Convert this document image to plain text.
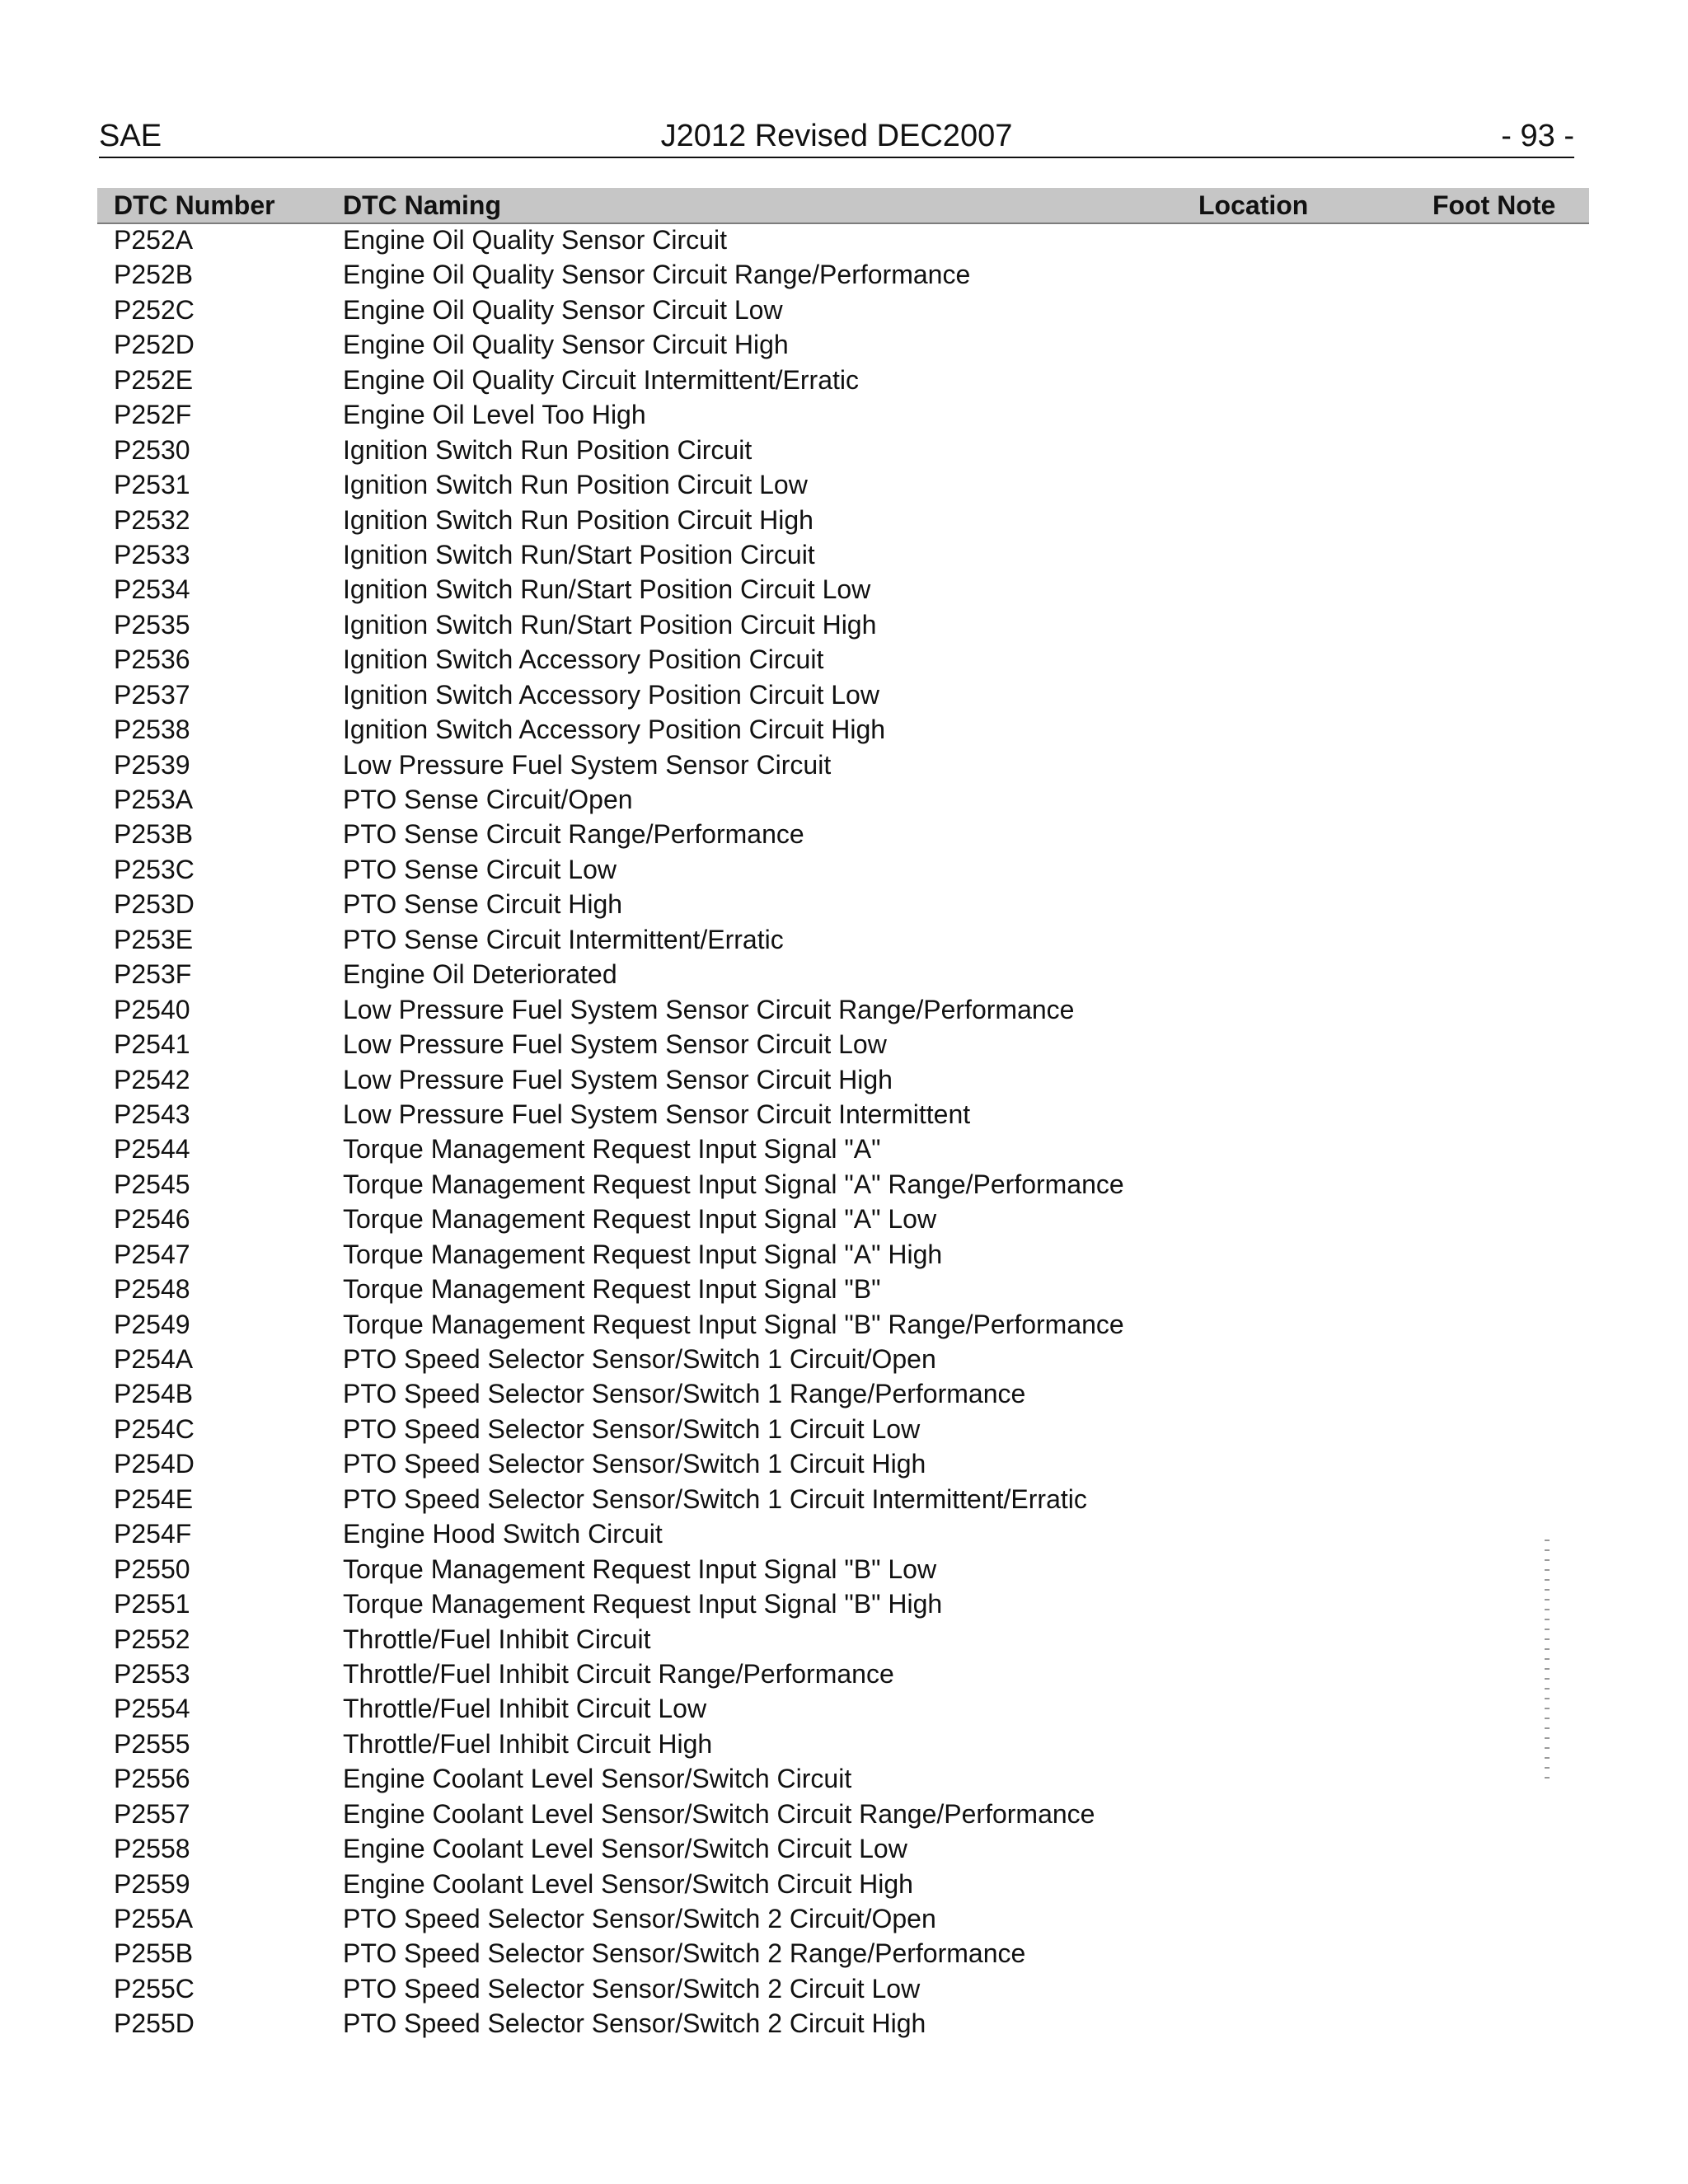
SAE	J2012 Revised DEC2007	- 93 -
DTC Number	DTC Naming	Location	Foot Note
P252A	Engine Oil Quality Sensor Circuit
P252B	Engine Oil Quality Sensor Circuit Range/Performance
P252C	Engine Oil Quality Sensor Circuit Low
P252D	Engine Oil Quality Sensor Circuit High
P252E	Engine Oil Quality Circuit Intermittent/Erratic
P252F	Engine Oil Level Too High
P2530	Ignition Switch Run Position Circuit
P2531	Ignition Switch Run Position Circuit Low
P2532	Ignition Switch Run Position Circuit High
P2533	Ignition Switch Run/Start Position Circuit
P2534	Ignition Switch Run/Start Position Circuit Low
P2535	Ignition Switch Run/Start Position Circuit High
P2536	Ignition Switch Accessory Position Circuit
P2537	Ignition Switch Accessory Position Circuit Low
P2538	Ignition Switch Accessory Position Circuit High
P2539	Low Pressure Fuel System Sensor Circuit
P253A	PTO Sense Circuit/Open
P253B	PTO Sense Circuit Range/Performance
P253C	PTO Sense Circuit Low
P253D	PTO Sense Circuit High
P253E	PTO Sense Circuit Intermittent/Erratic
P253F	Engine Oil Deteriorated
P2540	Low Pressure Fuel System Sensor Circuit Range/Performance
P2541	Low Pressure Fuel System Sensor Circuit Low
P2542	Low Pressure Fuel System Sensor Circuit High
P2543	Low Pressure Fuel System Sensor Circuit Intermittent
P2544	Torque Management Request Input Signal "A"
P2545	Torque Management Request Input Signal "A" Range/Performance
P2546	Torque Management Request Input Signal "A" Low
P2547	Torque Management Request Input Signal "A" High
P2548	Torque Management Request Input Signal "B"
P2549	Torque Management Request Input Signal "B" Range/Performance
P254A	PTO Speed Selector Sensor/Switch 1 Circuit/Open
P254B	PTO Speed Selector Sensor/Switch 1 Range/Performance
P254C	PTO Speed Selector Sensor/Switch 1 Circuit Low
P254D	PTO Speed Selector Sensor/Switch 1 Circuit High
P254E	PTO Speed Selector Sensor/Switch 1 Circuit Intermittent/Erratic
P254F	Engine Hood Switch Circuit
P2550	Torque Management Request Input Signal "B" Low
P2551	Torque Management Request Input Signal "B" High
P2552	Throttle/Fuel Inhibit Circuit
P2553	Throttle/Fuel Inhibit Circuit Range/Performance
P2554	Throttle/Fuel Inhibit Circuit Low
P2555	Throttle/Fuel Inhibit Circuit High
P2556	Engine Coolant Level Sensor/Switch Circuit
P2557	Engine Coolant Level Sensor/Switch Circuit Range/Performance
P2558	Engine Coolant Level Sensor/Switch Circuit Low
P2559	Engine Coolant Level Sensor/Switch Circuit High
P255A	PTO Speed Selector Sensor/Switch 2 Circuit/Open
P255B	PTO Speed Selector Sensor/Switch 2 Range/Performance
P255C	PTO Speed Selector Sensor/Switch 2 Circuit Low
P255D	PTO Speed Selector Sensor/Switch 2 Circuit High
